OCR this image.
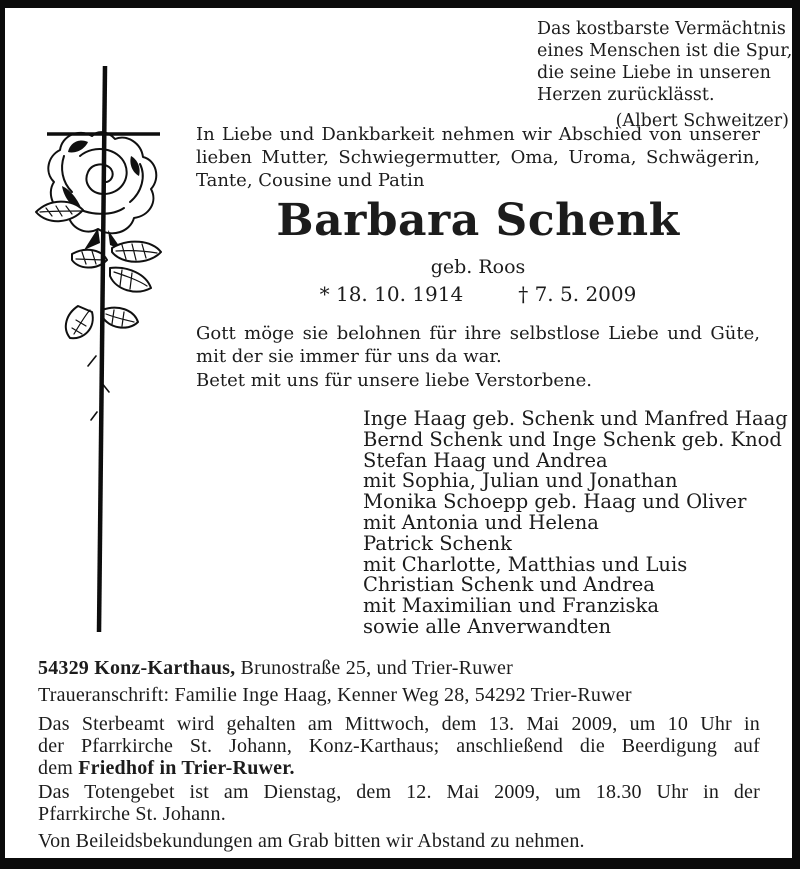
Das kostbarste Vermächtnis
eines Menschen ist die Spur,
die seine Liebe in unseren
Herzen zurücklässt.
(Albert Schweitzer)
In Liebe und Dankbarkeit nehmen wir Abschied von unserer
lieben Mutter, Schwiegermutter, Oma, Uroma, Schwägerin,
Tante, Cousine und Patin
Barbara Schenk
geb. Roos
* 18. 10. 1914	† 7. 5. 2009
Gott möge sie belohnen für ihre selbstlose Liebe und Güte,
mit der sie immer für uns da war.
Betet mit uns für unsere liebe Verstorbene.
Inge Haag geb. Schenk und Manfred Haag
Bernd Schenk und Inge Schenk geb. Knod
Stefan Haag und Andrea
mit Sophia, Julian und Jonathan
Monika Schoepp geb. Haag und Oliver
mit Antonia und Helena
Patrick Schenk
mit Charlotte, Matthias und Luis
Christian Schenk und Andrea
mit Maximilian und Franziska
sowie alle Anverwandten
54329 Konz-Karthaus, Brunostraße 25, und Trier-Ruwer
Traueranschrift: Familie Inge Haag, Kenner Weg 28, 54292 Trier-Ruwer
Das Sterbeamt wird gehalten am Mittwoch, dem 13. Mai 2009, um 10 Uhr in
der Pfarrkirche St. Johann, Konz-Karthaus; anschließend die Beerdigung auf
dem Friedhof in Trier-Ruwer.
Das Totengebet ist am Dienstag, dem 12. Mai 2009, um 18.30 Uhr in der
Pfarrkirche St. Johann.
Von Beileidsbekundungen am Grab bitten wir Abstand zu nehmen.
